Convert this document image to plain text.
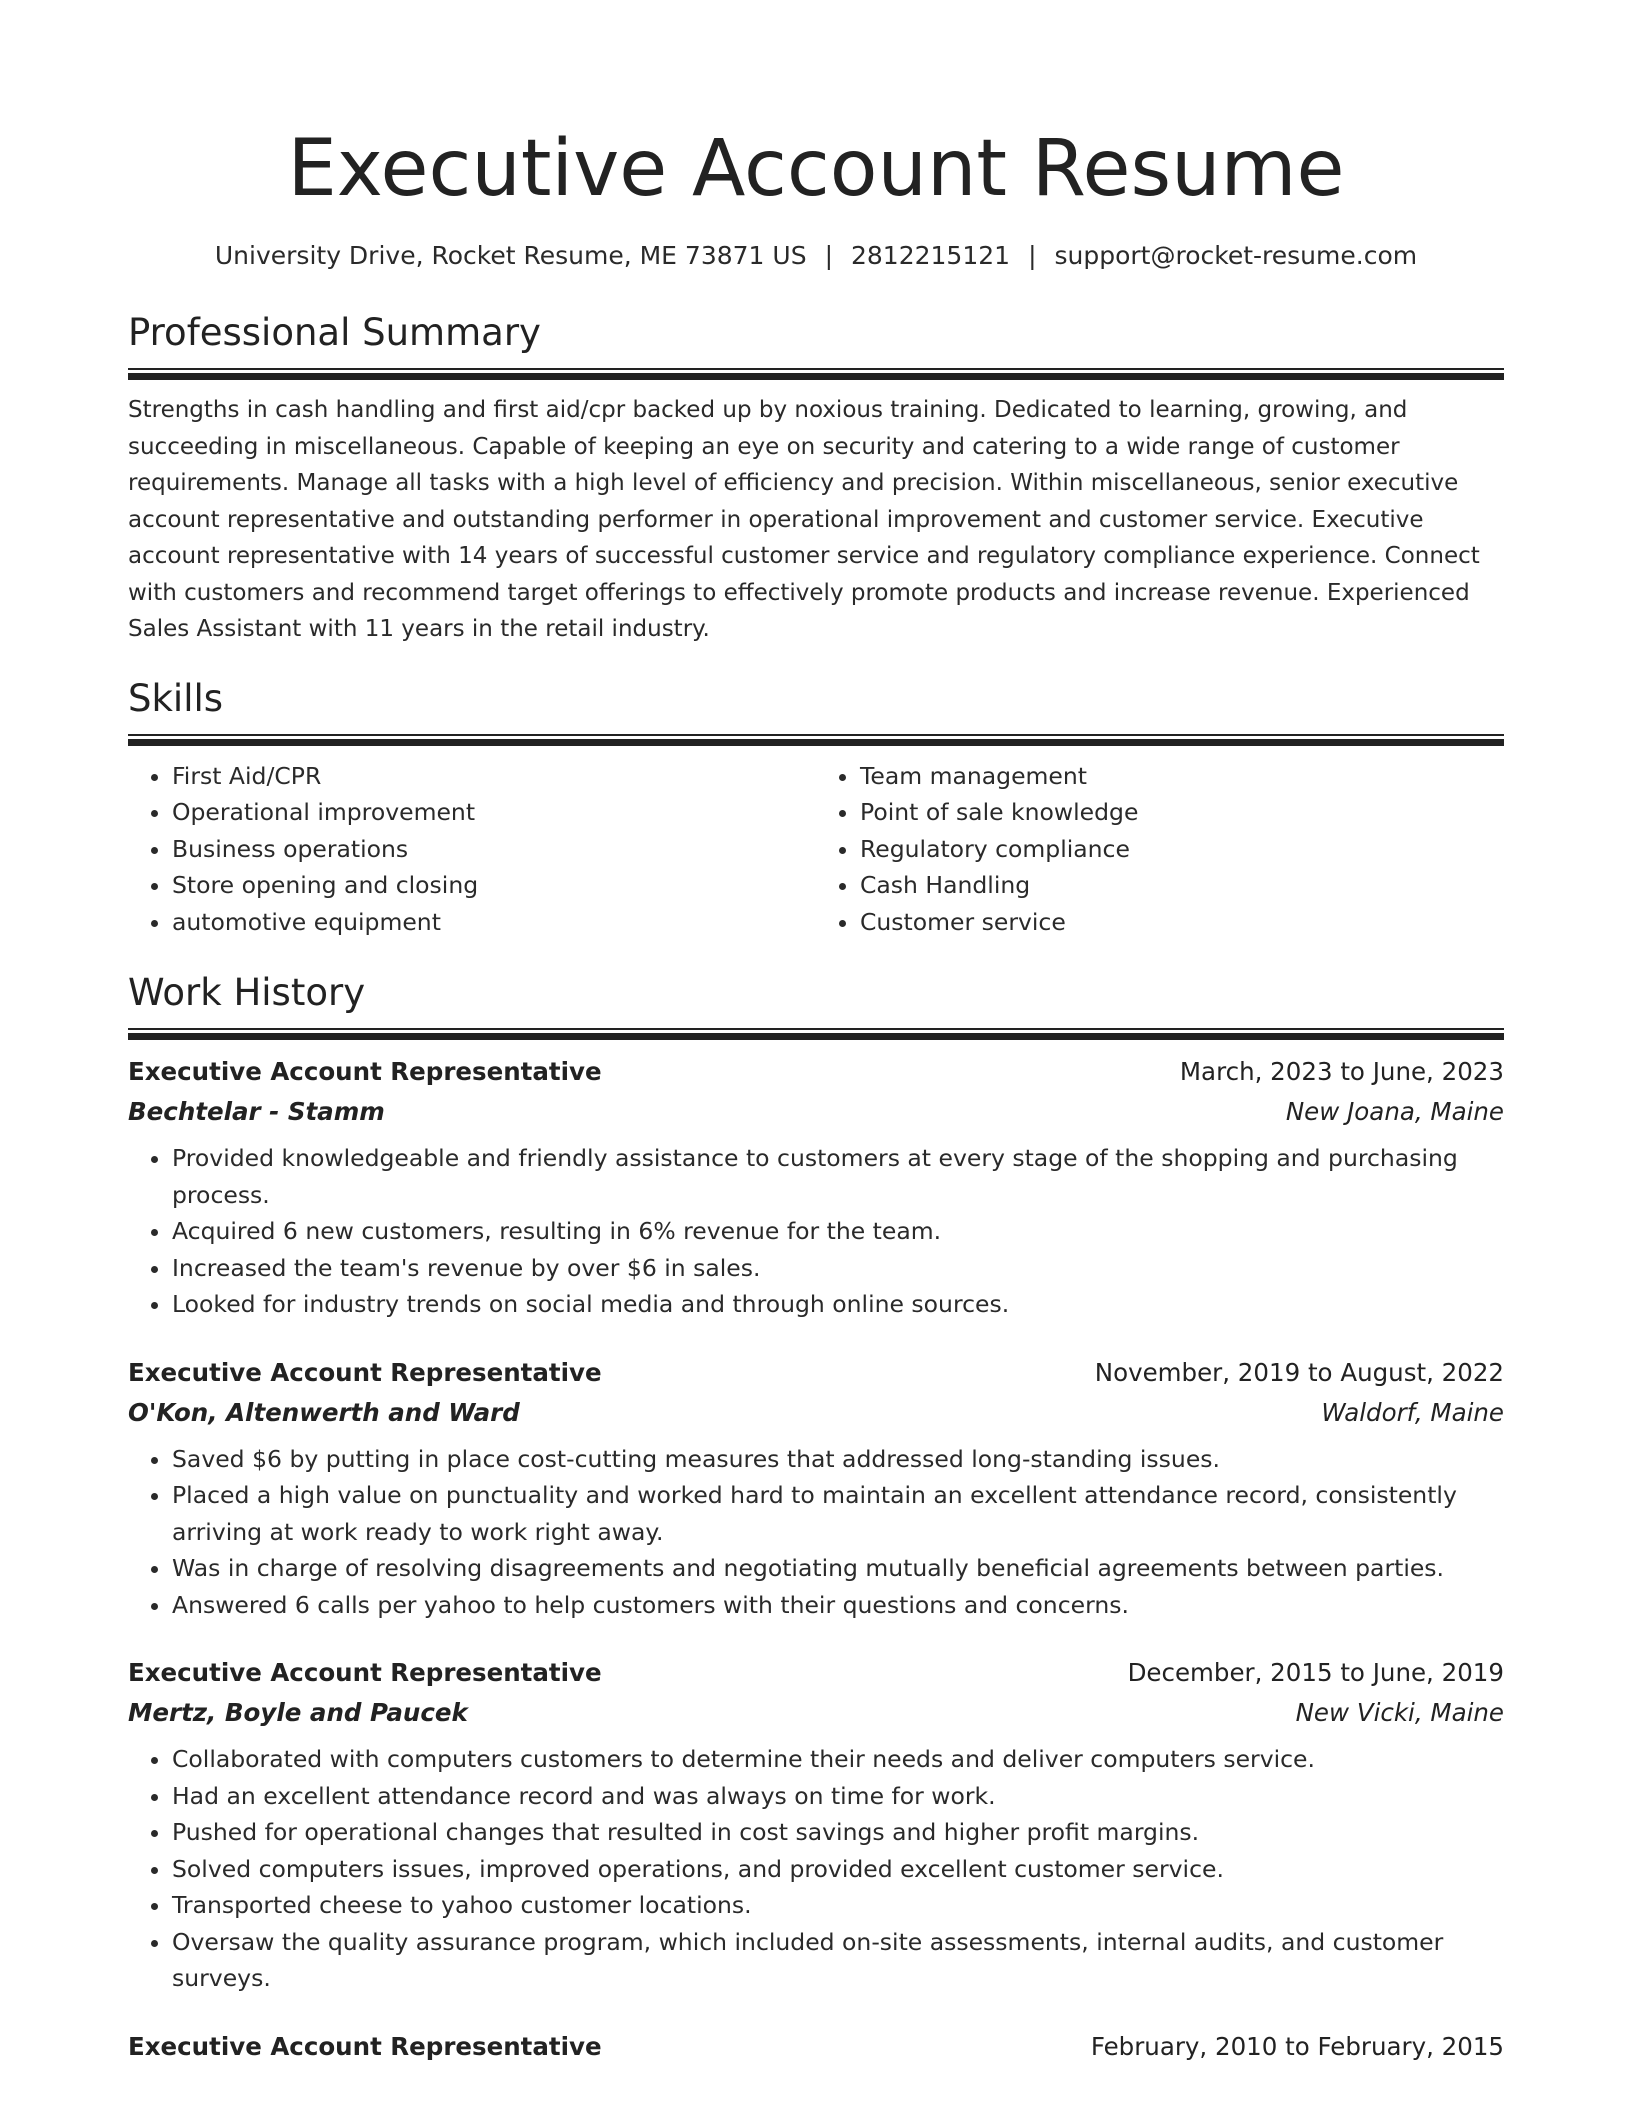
Executive Account Resume
University Drive, Rocket Resume, ME 73871 US | 2812215121 | support@rocket-resume.com
Professional Summary

Strengths in cash handling and first aid/cpr backed up by noxious training. Dedicated to learning, growing, and succeeding in miscellaneous. Capable of keeping an eye on security and catering to a wide range of customer requirements. Manage all tasks with a high level of efficiency and precision. Within miscellaneous, senior executive account representative and outstanding performer in operational improvement and customer service. Executive account representative with 14 years of successful customer service and regulatory compliance experience. Connect with customers and recommend target offerings to effectively promote products and increase revenue. Experienced Sales Assistant with 11 years in the retail industry.

Skills
• First Aid/CPR
• Operational improvement
• Business operations
• Store opening and closing
• automotive equipment
• Team management
• Point of sale knowledge
• Regulatory compliance
• Cash Handling
• Customer service
Work History
Executive Account Representative	March, 2023 to June, 2023
Bechtelar - Stamm	New Joana, Maine
• Provided knowledgeable and friendly assistance to customers at every stage of the shopping and purchasing process.
• Acquired 6 new customers, resulting in 6% revenue for the team.
• Increased the team's revenue by over $6 in sales.
• Looked for industry trends on social media and through online sources.
Executive Account Representative	November, 2019 to August, 2022
O'Kon, Altenwerth and Ward	Waldorf, Maine
• Saved $6 by putting in place cost-cutting measures that addressed long-standing issues.
• Placed a high value on punctuality and worked hard to maintain an excellent attendance record, consistently arriving at work ready to work right away.
• Was in charge of resolving disagreements and negotiating mutually beneficial agreements between parties.
• Answered 6 calls per yahoo to help customers with their questions and concerns.
Executive Account Representative	December, 2015 to June, 2019
Mertz, Boyle and Paucek	New Vicki, Maine
• Collaborated with computers customers to determine their needs and deliver computers service.
• Had an excellent attendance record and was always on time for work.
• Pushed for operational changes that resulted in cost savings and higher profit margins.
• Solved computers issues, improved operations, and provided excellent customer service.
• Transported cheese to yahoo customer locations.
• Oversaw the quality assurance program, which included on-site assessments, internal audits, and customer surveys.
Executive Account Representative	February, 2010 to February, 2015
